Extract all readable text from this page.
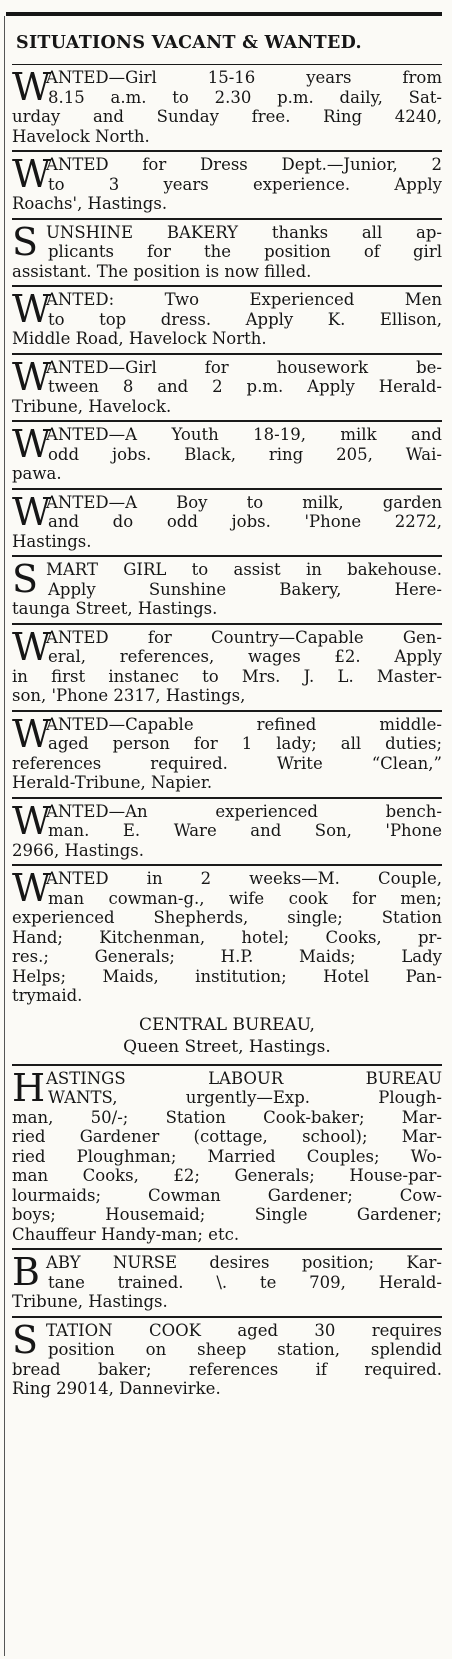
SITUATIONS VACANT & WANTED.
W
ANTED—Girl 15-16 years from
8.15 a.m. to 2.30 p.m. daily, Sat-
urday and Sunday free. Ring 4240,
Havelock North.
W
ANTED for Dress Dept.—Junior, 2
to 3 years experience. Apply
Roachs', Hastings.
S UNSHINE BAKERY thanks all ap-
plicants for the position of girl
assistant. The position is now filled.
W
ANTED: Two Experienced Men
to top dress. Apply K. Ellison,
Middle Road, Havelock North.
W
ANTED—Girl for housework be-
tween 8 and 2 p.m. Apply Herald-
Tribune, Havelock.
W
ANTED—A Youth 18-19, milk and
odd jobs. Black, ring 205, Wai-
pawa.
W
ANTED—A Boy to milk, garden
and do odd jobs. 'Phone 2272,
Hastings.
S MART GIRL to assist in bakehouse.
Apply Sunshine Bakery, Here-
taunga Street, Hastings.
W
ANTED for Country—Capable Gen-
eral, references, wages £2. Apply
in first instanec to Mrs. J. L. Master-
son, 'Phone 2317, Hastings,
W
ANTED—Capable refined middle-
aged person for 1 lady; all duties;
references required. Write “Clean,”
Herald-Tribune, Napier.
W
ANTED—An experienced bench-
man. E. Ware and Son, 'Phone
2966, Hastings.
W
ANTED in 2 weeks—M. Couple,
man cowman-g., wife cook for men;
experienced Shepherds, single; Station
Hand; Kitchenman, hotel; Cooks, pr-
res.; Generals; H.P. Maids; Lady
Helps; Maids, institution; Hotel Pan-
trymaid.
CENTRAL BUREAU,
Queen Street, Hastings.
H ASTINGS LABOUR BUREAU
WANTS, urgently—Exp. Plough-
man, 50/-; Station Cook-baker; Mar-
ried Gardener (cottage, school); Mar-
ried Ploughman; Married Couples; Wo-
man Cooks, £2; Generals; House-par-
lourmaids; Cowman Gardener; Cow-
boys; Housemaid; Single Gardener;
Chauffeur Handy-man; etc.
B ABY NURSE desires position; Kar-
tane trained. \. te 709, Herald-
Tribune, Hastings.
S TATION COOK aged 30 requires
position on sheep station, splendid
bread baker; references if required.
Ring 29014, Dannevirke.
